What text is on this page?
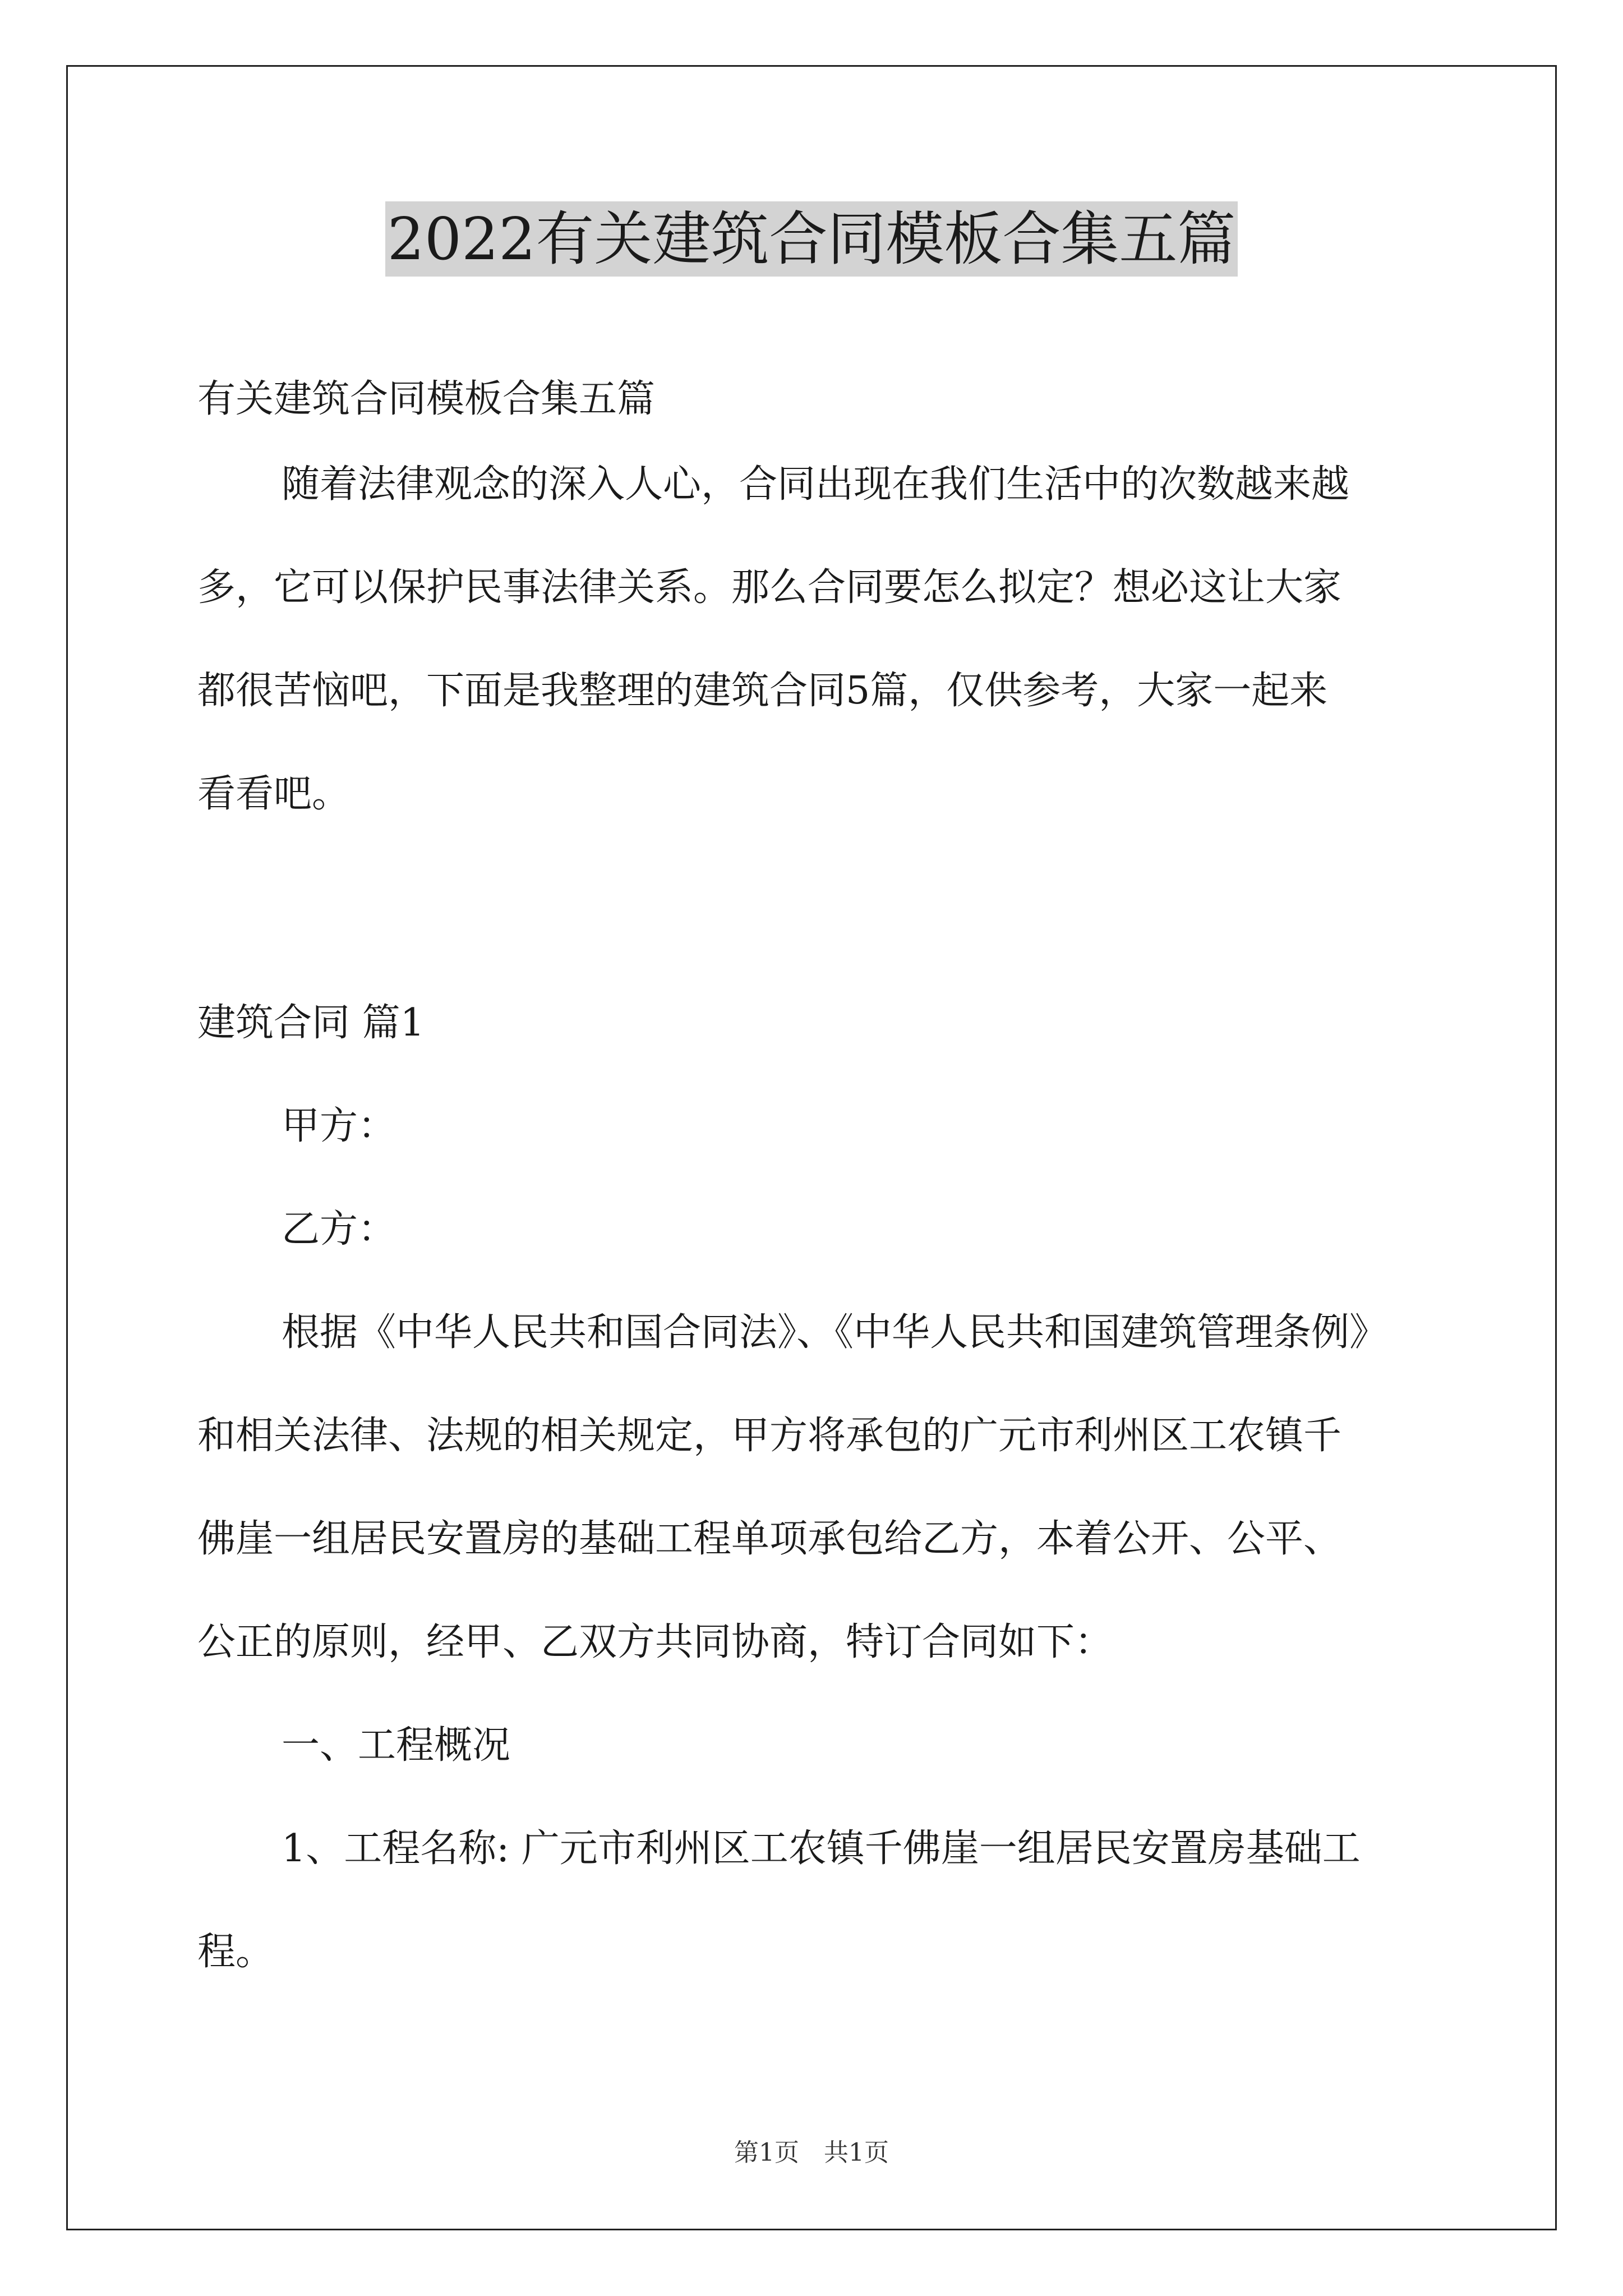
2022有关建筑合同模板合集五篇
有关建筑合同模板合集五篇
随着法律观念的深入人心，合同出现在我们生活中的次数越来越
多，它可以保护民事法律关系。那么合同要怎么拟定？想必这让大家
都很苦恼吧，下面是我整理的建筑合同5篇，仅供参考，大家一起来
看看吧。
建筑合同 篇1
甲方：
乙方：
根据《中华人民共和国合同法》、《中华人民共和国建筑管理条例》
和相关法律、法规的相关规定，甲方将承包的广元市利州区工农镇千
佛崖一组居民安置房的基础工程单项承包给乙方，本着公开、公平、
公正的原则，经甲、乙双方共同协商，特订合同如下：
一、工程概况
1、工程名称: 广元市利州区工农镇千佛崖一组居民安置房基础工
程。
第1页　共1页
